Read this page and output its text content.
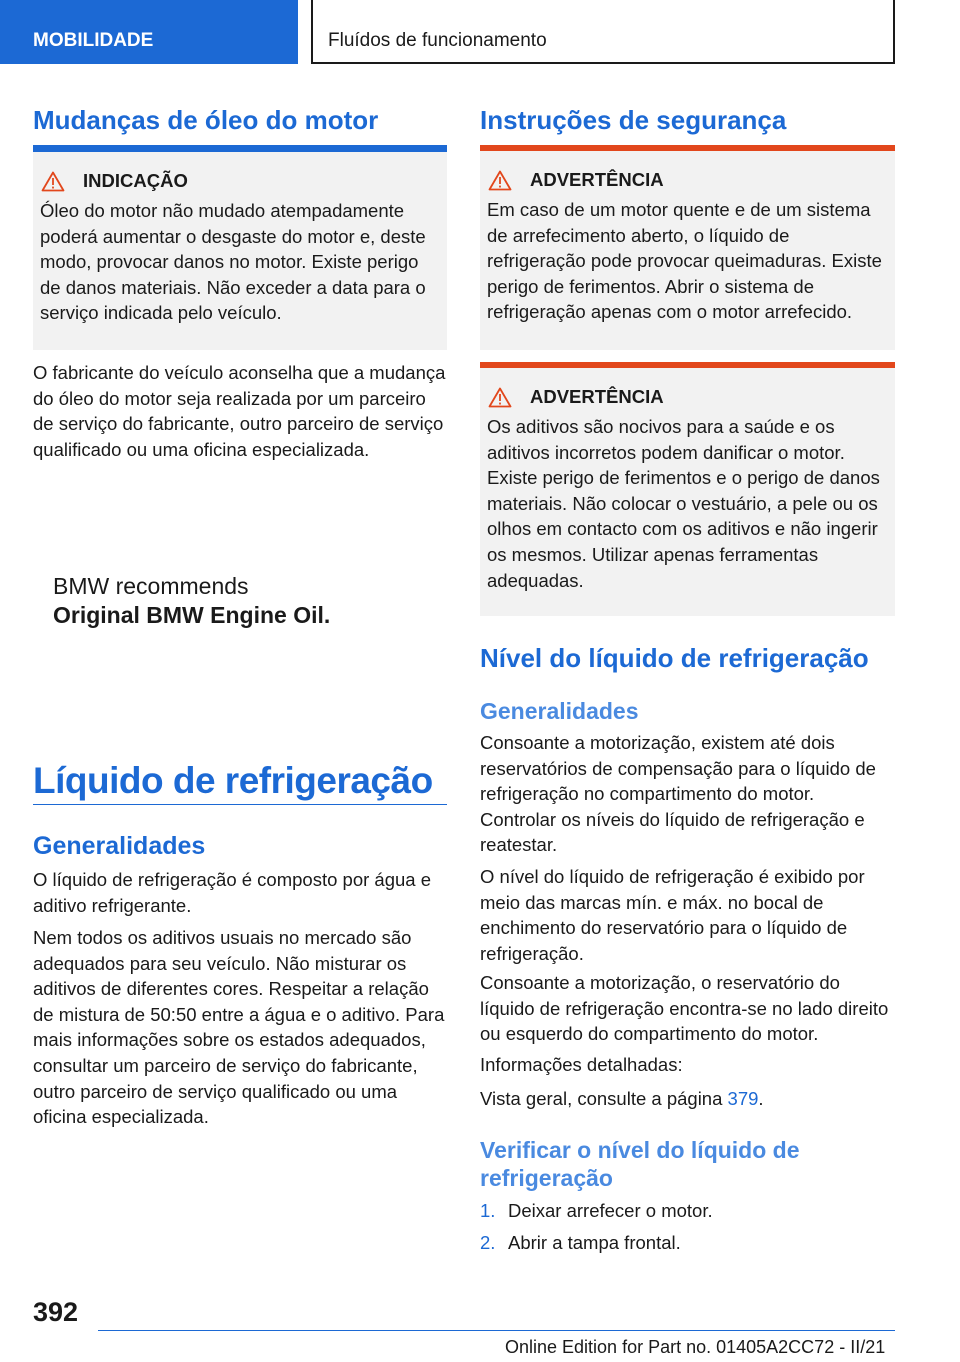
MOBILIDADE	Fluídos de funcionamento
Mudanças de óleo do motor
INDICAÇÃO

Óleo do motor não mudado atempadamente poderá aumentar o desgaste do motor e, deste modo, provocar danos no motor. Existe perigo de danos materiais. Não exceder a data para o serviço indicada pelo veículo.

O fabricante do veículo aconselha que a mudança do óleo do motor seja realizada por um parceiro de serviço do fabricante, outro parceiro de serviço qualificado ou uma oficina especializada.

BMW recommends
Original BMW Engine Oil.
Líquido de refrigeração
Generalidades

O líquido de refrigeração é composto por água e aditivo refrigerante.

Nem todos os aditivos usuais no mercado são adequados para seu veículo. Não misturar os aditivos de diferentes cores. Respeitar a relação de mistura de 50:50 entre a água e o aditivo. Para mais informações sobre os estados adequados, consultar um parceiro de serviço do fabricante, outro parceiro de serviço qualificado ou uma oficina especializada.

Instruções de segurança
ADVERTÊNCIA

Em caso de um motor quente e de um sistema de arrefecimento aberto, o líquido de refrigeração pode provocar queimaduras. Existe perigo de ferimentos. Abrir o sistema de refrigeração apenas com o motor arrefecido.

ADVERTÊNCIA

Os aditivos são nocivos para a saúde e os aditivos incorretos podem danificar o motor. Existe perigo de ferimentos e o perigo de danos materiais. Não colocar o vestuário, a pele ou os olhos em contacto com os aditivos e não ingerir os mesmos. Utilizar apenas ferramentas adequadas.

Nível do líquido de refrigeração
Generalidades

Consoante a motorização, existem até dois reservatórios de compensação para o líquido de refrigeração no compartimento do motor. Controlar os níveis do líquido de refrigeração e reatestar.

O nível do líquido de refrigeração é exibido por meio das marcas mín. e máx. no bocal de enchimento do reservatório para o líquido de refrigeração.

Consoante a motorização, o reservatório do líquido de refrigeração encontra-se no lado direito ou esquerdo do compartimento do motor.

Informações detalhadas:

Vista geral, consulte a página 379.

Verificar o nível do líquido de refrigeração
1. Deixar arrefecer o motor.
2. Abrir a tampa frontal.
392
Online Edition for Part no. 01405A2CC72 - II/21
